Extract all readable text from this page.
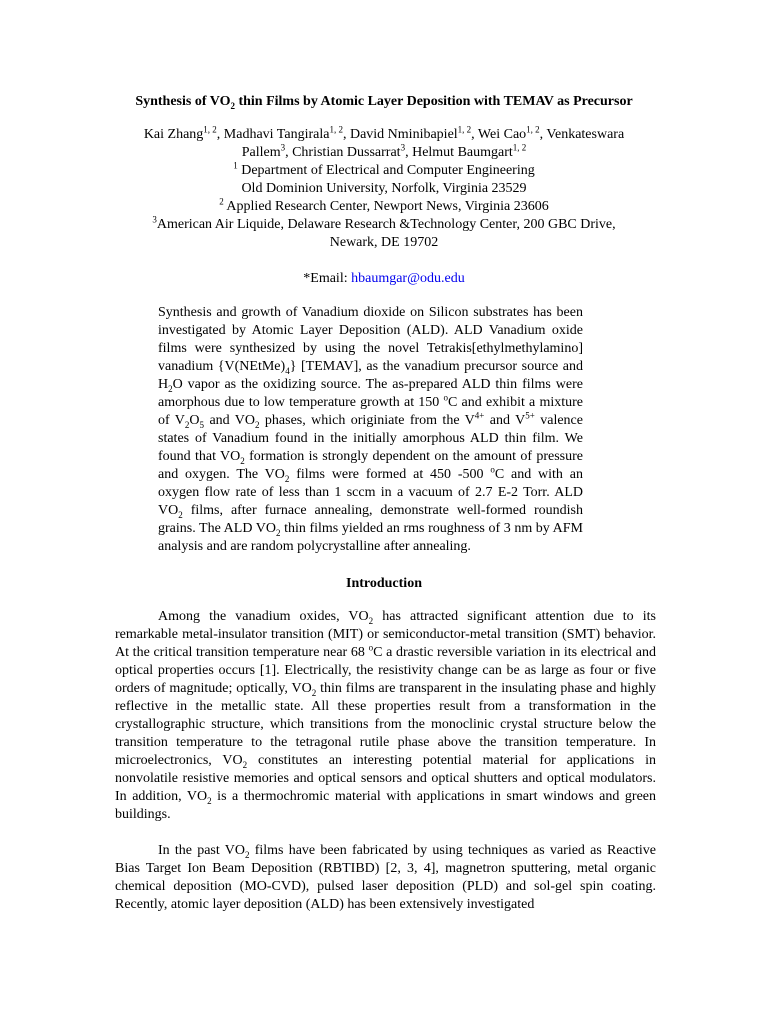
Synthesis of $VO_2$ thin Films by Atomic Layer Deposition with TEMAV as Precursor
Kai Zhang$^{1, 2}$, Madhavi Tangirala$^{1, 2}$, David Nminibapiel$^{1, 2}$, Wei Cao$^{1, 2}$, Venkateswara
Pallem$^3$, Christian Dussarrat$^3$, Helmut Baumgart$^{1, 2}$
$^1$ Department of Electrical and Computer Engineering
Old Dominion University, Norfolk, Virginia 23529
$^2$ Applied Research Center, Newport News, Virginia 23606
$^3$American Air Liquide, Delaware Research &Technology Center, 200 GBC Drive,
Newark, DE 19702
*Email: hbaumgar@odu.edu
Synthesis and growth of Vanadium dioxide on Silicon substrates has been investigated by Atomic Layer Deposition (ALD). ALD Vanadium oxide films were synthesized by using the novel Tetrakis[ethylmethylamino] vanadium $\{V(NEtMe)_4\}$ [TEMAV], as the vanadium precursor source and $H_2O$ vapor as the oxidizing source. The as-prepared ALD thin films were amorphous due to low temperature growth at 150 $^o$C and exhibit a mixture of $V_2O_5$ and $VO_2$ phases, which originiate from the $V^{4+}$ and $V^{5+}$ valence states of Vanadium found in the initially amorphous ALD thin film. We found that $VO_2$ formation is strongly dependent on the amount of pressure and oxygen. The $VO_2$ films were formed at 450 -500 $^o$C and with an oxygen flow rate of less than 1 sccm in a vacuum of 2.7 E-2 Torr. ALD $VO_2$ films, after furnace annealing, demonstrate well-formed roundish grains. The ALD $VO_2$ thin films yielded an rms roughness of 3 nm by AFM analysis and are random polycrystalline after annealing.
Introduction
Among the vanadium oxides, $VO_2$ has attracted significant attention due to its remarkable metal-insulator transition (MIT) or semiconductor-metal transition (SMT) behavior. At the critical transition temperature near 68 $^o$C a drastic reversible variation in its electrical and optical properties occurs [1]. Electrically, the resistivity change can be as large as four or five orders of magnitude; optically, $VO_2$ thin films are transparent in the insulating phase and highly reflective in the metallic state. All these properties result from a transformation in the crystallographic structure, which transitions from the monoclinic crystal structure below the transition temperature to the tetragonal rutile phase above the transition temperature. In microelectronics, $VO_2$ constitutes an interesting potential material for applications in nonvolatile resistive memories and optical sensors and optical shutters and optical modulators. In addition, $VO_2$ is a thermochromic material with applications in smart windows and green buildings.
In the past $VO_2$ films have been fabricated by using techniques as varied as Reactive Bias Target Ion Beam Deposition (RBTIBD) [2, 3, 4], magnetron sputtering, metal organic chemical deposition (MO-CVD), pulsed laser deposition (PLD) and sol-gel spin coating. Recently, atomic layer deposition (ALD) has been extensively investigated
